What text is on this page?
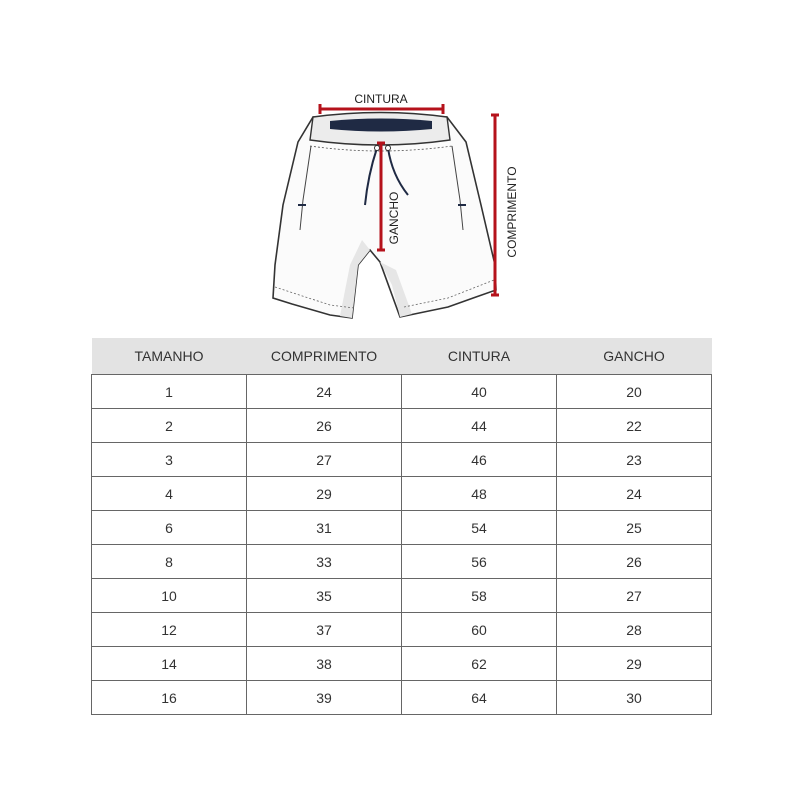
CINTURA
GANCHO	COMPRIMENTO
TAMANHO	COMPRIMENTO	CINTURA	GANCHO
1	24	40	20
2	26	44	22
3	27	46	23
4	29	48	24
6	31	54	25
8	33	56	26
10	35	58	27
12	37	60	28
14	38	62	29
16	39	64	30
